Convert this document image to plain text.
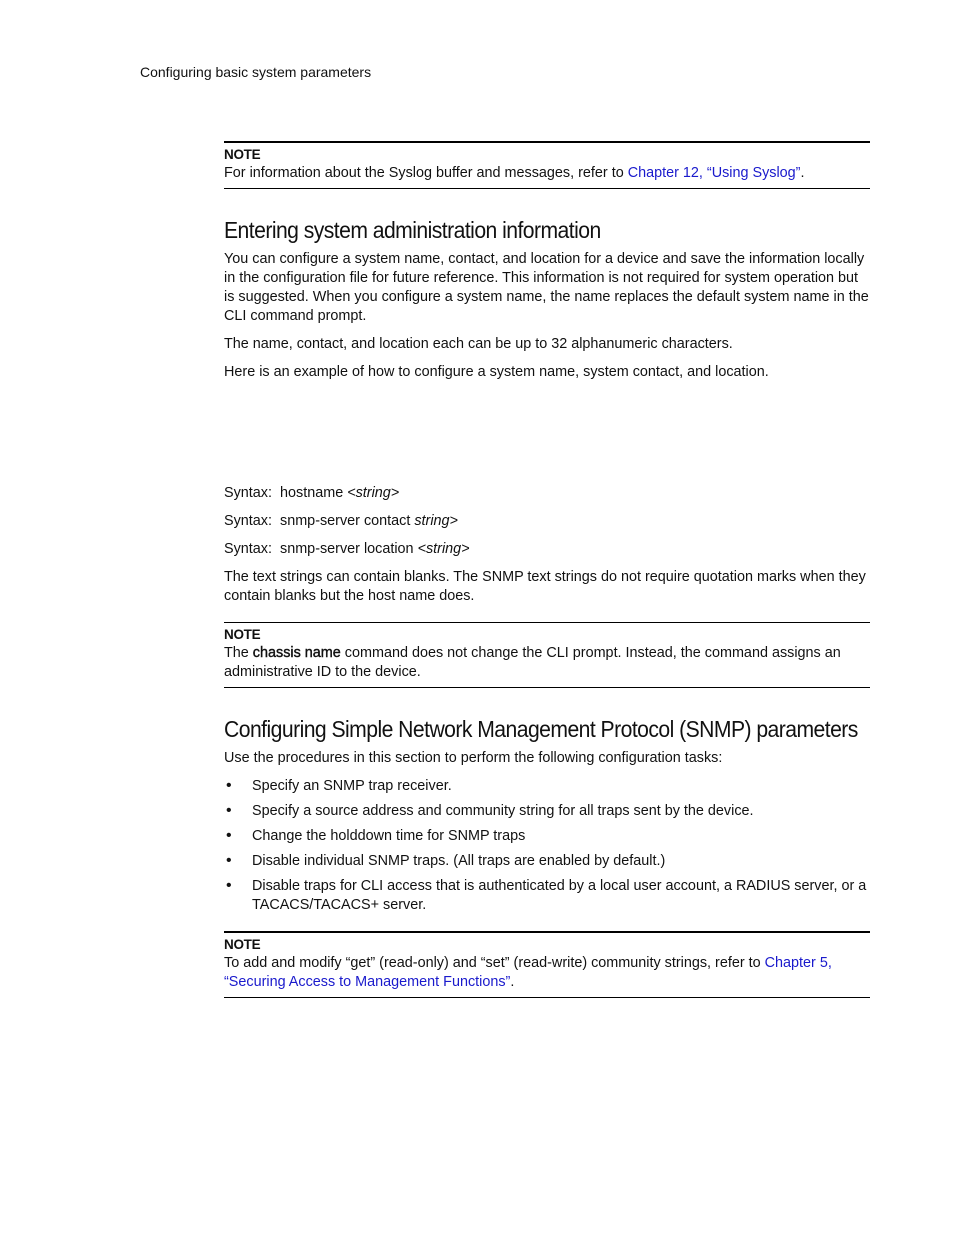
Configuring basic system parameters
NOTE

For information about the Syslog buffer and messages, refer to Chapter 12, “Using Syslog”.

Entering system administration information

You can configure a system name, contact, and location for a device and save the information locally in the configuration file for future reference. This information is not required for system operation but is suggested. When you configure a system name, the name replaces the default system name in the CLI command prompt.

The name, contact, and location each can be up to 32 alphanumeric characters.

Here is an example of how to configure a system name, system contact, and location.

Syntax: hostname <string>

Syntax: snmp-server contact string>

Syntax: snmp-server location <string>

The text strings can contain blanks. The SNMP text strings do not require quotation marks when they contain blanks but the host name does.

NOTE

The chassis name command does not change the CLI prompt. Instead, the command assigns an administrative ID to the device.

Configuring Simple Network Management Protocol (SNMP) parameters

Use the procedures in this section to perform the following configuration tasks:

• Specify an SNMP trap receiver.
• Specify a source address and community string for all traps sent by the device.
• Change the holddown time for SNMP traps
• Disable individual SNMP traps. (All traps are enabled by default.)
• Disable traps for CLI access that is authenticated by a local user account, a RADIUS server, or a TACACS/TACACS+ server.
NOTE

To add and modify “get” (read-only) and “set” (read-write) community strings, refer to Chapter 5, “Securing Access to Management Functions”.
